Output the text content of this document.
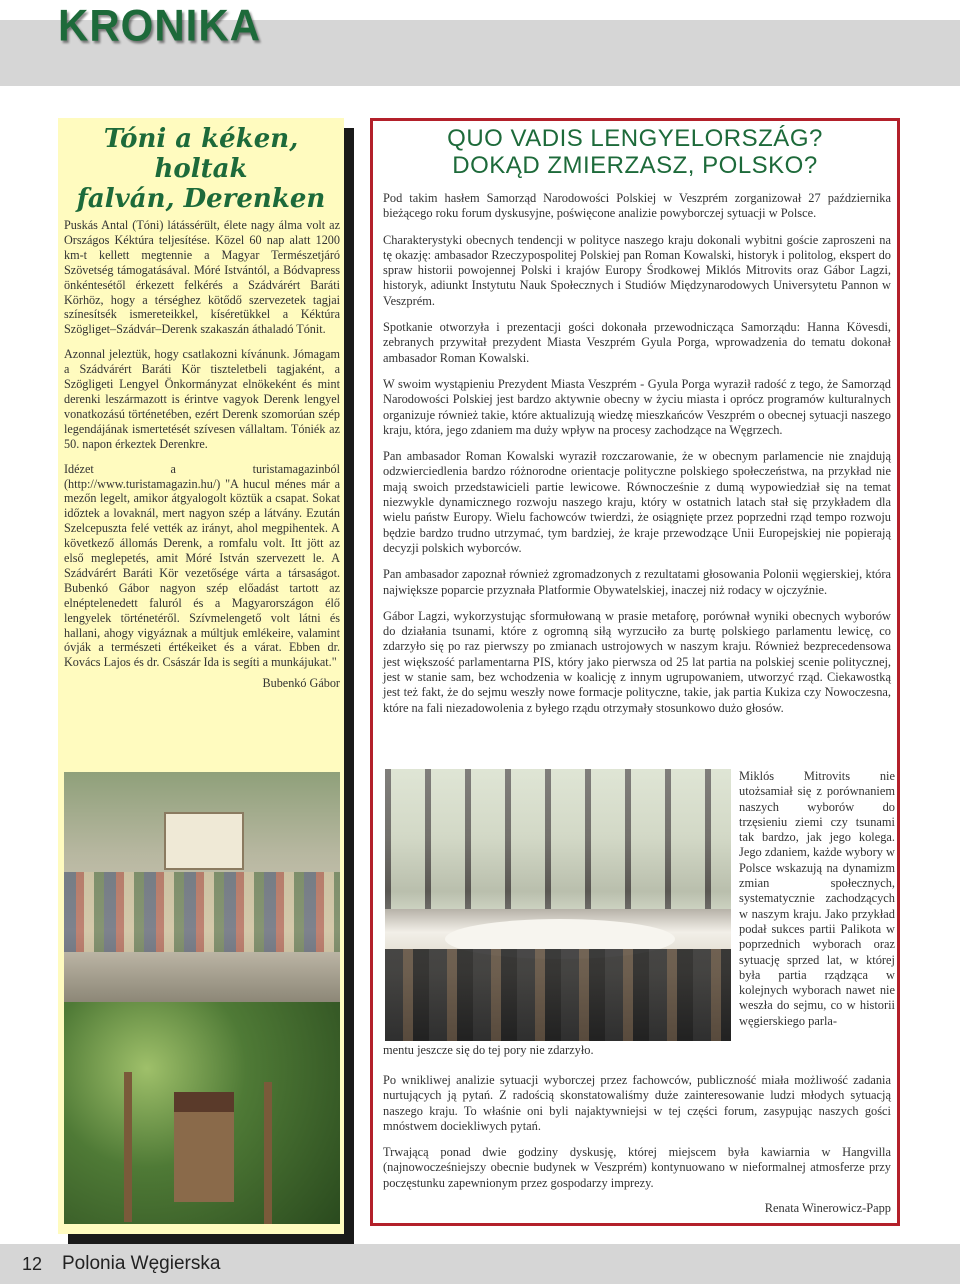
KRONIKA
Tóni a kéken,
holtak
falván, Derenken

Puskás Antal (Tóni) látássérült, élete nagy álma volt az Országos Kéktúra teljesítése. Közel 60 nap alatt 1200 km-t kellett megtennie a Magyar Természetjáró Szövetség támogatásával. Móré Istvántól, a Bódvapress önkéntesétől érkezett felkérés a Szádvárért Baráti Körhöz, hogy a térséghez kötődő szervezetek tagjai színesítsék ismereteikkel, kíséretükkel a Kéktúra Szögliget–Szádvár–Derenk szakaszán áthaladó Tónit.

Azonnal jeleztük, hogy csatlakozni kívánunk. Jómagam a Szádvárért Baráti Kör tiszteletbeli tagjaként, a Szögligeti Lengyel Önkormányzat elnökeként és mint derenki leszármazott is érintve vagyok Derenk lengyel vonatkozású történetében, ezért Derenk szomorúan szép legendájának ismertetését szívesen vállaltam. Tóniék az 50. napon érkeztek Derenkre.

Idézet a turistamagazinból (http://www.turistamagazin.hu/) "A hucul ménes már a mezőn legelt, amikor átgyalogolt köztük a csapat. Sokat időztek a lovaknál, mert nagyon szép a látvány. Ezután Szelcepuszta felé vették az irányt, ahol megpihentek. A következő állomás Derenk, a romfalu volt. Itt jött az első meglepetés, amit Móré István szervezett le. A Szádvárért Baráti Kör vezetősége várta a társaságot. Bubenkó Gábor nagyon szép előadást tartott az elnéptelenedett faluról és a Magyarországon élő lengyelek történetéről. Szívmelengető volt látni és hallani, ahogy vigyáznak a múltjuk emlékeire, valamint óvják a természeti értékeiket és a várat. Ebben dr. Kovács Lajos és dr. Császár Ida is segíti a munkájukat."

Bubenkó Gábor
QUO VADIS LENGYELORSZÁG?
DOKĄD ZMIERZASZ, POLSKO?

Pod takim hasłem Samorząd Narodowości Polskiej w Veszprém zorganizował 27 października bieżącego roku forum dyskusyjne, poświęcone analizie powyborczej sytuacji w Polsce.

Charakterystyki obecnych tendencji w polityce naszego kraju dokonali wybitni goście zaproszeni na tę okazję: ambasador Rzeczypospolitej Polskiej pan Roman Kowalski, historyk i politolog, ekspert do spraw historii powojennej Polski i krajów Europy Środkowej Miklós Mitrovits oraz Gábor Lagzi, historyk, adiunkt Instytutu Nauk Społecznych i Studiów Międzynarodowych Universytetu Pannon w Veszprém.

Spotkanie otworzyła i prezentacji gości dokonała przewodnicząca Samorządu: Hanna Kövesdi, zebranych przywitał prezydent Miasta Veszprém Gyula Porga, wprowadzenia do tematu dokonał ambasador Roman Kowalski.

W swoim wystąpieniu Prezydent Miasta Veszprém - Gyula Porga wyraził radość z tego, że Samorząd Narodowości Polskiej jest bardzo aktywnie obecny w życiu miasta i oprócz programów kulturalnych organizuje również takie, które aktualizują wiedzę mieszkańców Veszprém o obecnej sytuacji naszego kraju, która, jego zdaniem ma duży wpływ na procesy zachodzące na Węgrzech.

Pan ambasador Roman Kowalski wyraził rozczarowanie, że w obecnym parlamencie nie znajdują odzwierciedlenia bardzo różnorodne orientacje polityczne polskiego społeczeństwa, na przykład nie mają swoich przedstawicieli partie lewicowe. Równocześnie z dumą wypowiedział się na temat niezwykle dynamicznego rozwoju naszego kraju, który w ostatnich latach stał się przykładem dla wielu państw Europy. Wielu fachowców twierdzi, że osiągnięte przez poprzedni rząd tempo rozwoju będzie bardzo trudno utrzymać, tym bardziej, że kraje przewodzące Unii Europejskiej nie popierają decyzji polskich wyborców.

Pan ambasador zapoznał również zgromadzonych z rezultatami głosowania Polonii węgierskiej, która największe poparcie przyznała Platformie Obywatelskiej, inaczej niż rodacy w ojczyźnie.

Gábor Lagzi, wykorzystując sformułowaną w prasie metaforę, porównał wyniki obecnych wyborów do działania tsunami, które z ogromną siłą wyrzuciło za burtę polskiego parlamentu lewicę, co zdarzyło się po raz pierwszy po zmianach ustrojowych w naszym kraju. Również bezprecedensowa jest większość parlamentarna PIS, który jako pierwsza od 25 lat partia na polskiej scenie politycznej, jest w stanie sam, bez wchodzenia w koalicję z innym ugrupowaniem, utworzyć rząd. Ciekawostką jest też fakt, że do sejmu weszły nowe formacje polityczne, takie, jak partia Kukiza czy Nowoczesna, które na fali niezadowolenia z byłego rządu otrzymały stosunkowo dużo głosów.

Miklós Mitrovits nie utożsamiał się z porównaniem naszych wyborów do trzęsieniu ziemi czy tsunami tak bardzo, jak jego kolega. Jego zdaniem, każde wybory w Polsce wskazują na dynamizm zmian społecznych, systematycznie zachodzących w naszym kraju. Jako przykład podał sukces partii Palikota w poprzednich wyborach oraz sytuację sprzed lat, w której była partia rządząca w kolejnych wyborach nawet nie weszła do sejmu, co w historii węgierskiego parla-
mentu jeszcze się do tej pory nie zdarzyło.

Po wnikliwej analizie sytuacji wyborczej przez fachowców, publiczność miała możliwość zadania nurtujących ją pytań. Z radością skonstatowaliśmy duże zainteresowanie ludzi młodych sytuacją naszego kraju. To właśnie oni byli najaktywniejsi w tej części forum, zasypując naszych gości mnóstwem dociekliwych pytań.

Trwającą ponad dwie godziny dyskusję, której miejscem była kawiarnia w Hangvilla (najnowocześniejszy obecnie budynek w Veszprém) kontynuowano w nieformalnej atmosferze przy poczęstunku zapewnionym przez gospodarzy imprezy.

Renata Winerowicz-Papp
12 Polonia Węgierska
